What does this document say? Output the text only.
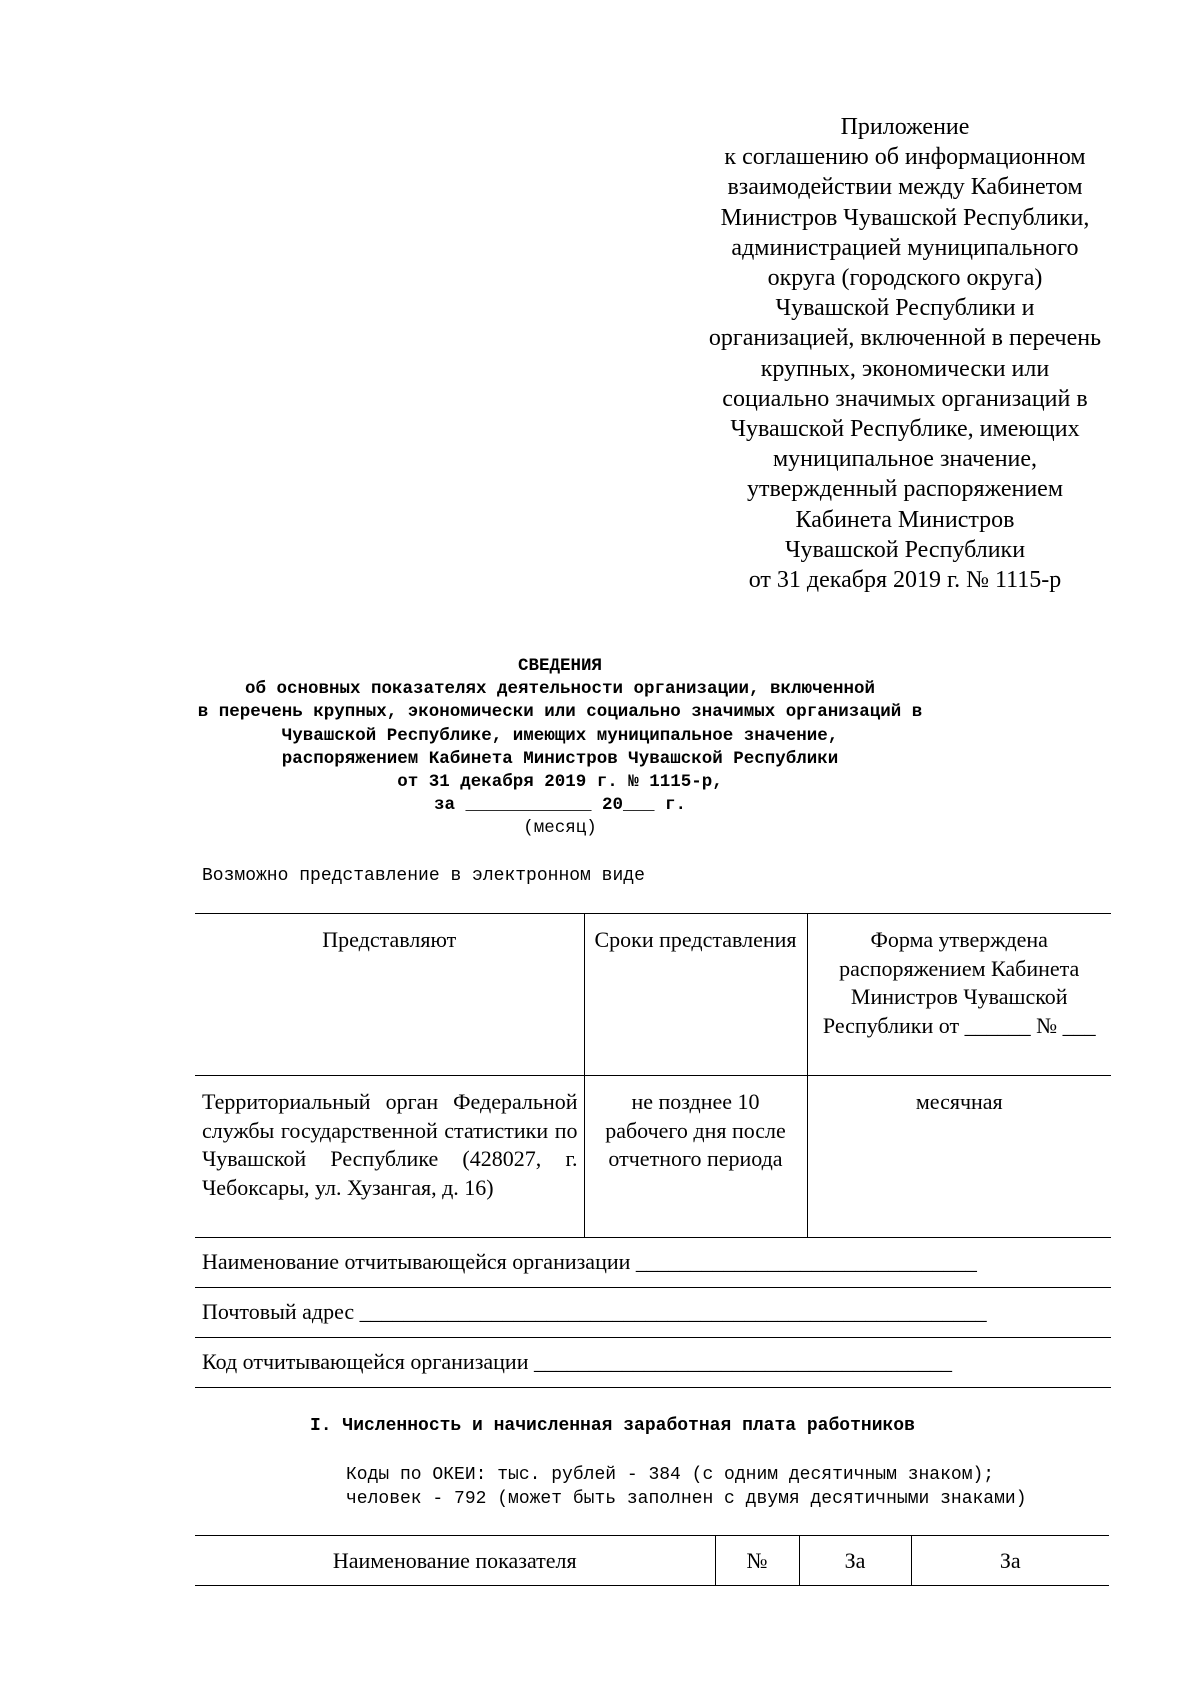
Приложение
к соглашению об информационном
взаимодействии между Кабинетом
Министров Чувашской Республики,
администрацией муниципального
округа (городского округа)
Чувашской Республики и
организацией, включенной в перечень
крупных, экономически или
социально значимых организаций в
Чувашской Республике, имеющих
муниципальное значение,
утвержденный распоряжением
Кабинета Министров
Чувашской Республики
от 31 декабря 2019 г. № 1115-р
СВЕДЕНИЯ
об основных показателях деятельности организации, включенной
в перечень крупных, экономически или социально значимых организаций в
Чувашской Республике, имеющих муниципальное значение,
распоряжением Кабинета Министров Чувашской Республики
от 31 декабря 2019 г. № 1115-р,
за ____________ 20___ г.
(месяц)
Возможно представление в электронном виде
Представляют	Сроки представления	Форма утверждена распоряжением Кабинета Министров Чувашской Республики от ______ № ___
Территориальный орган Федеральной службы государственной статистики по Чувашской Республике (428027, г. Чебоксары, ул. Хузангая, д. 16)	не позднее 10 рабочего дня после отчетного периода	месячная
Наименование отчитывающейся организации _______________________________		
Почтовый адрес _________________________________________________________		
Код отчитывающейся организации ______________________________________		
I. Численность и начисленная заработная плата работников
Коды по ОКЕИ: тыс. рублей - 384 (с одним десятичным знаком);
человек - 792 (может быть заполнен с двумя десятичными знаками)
Наименование показателя	№	За	За
